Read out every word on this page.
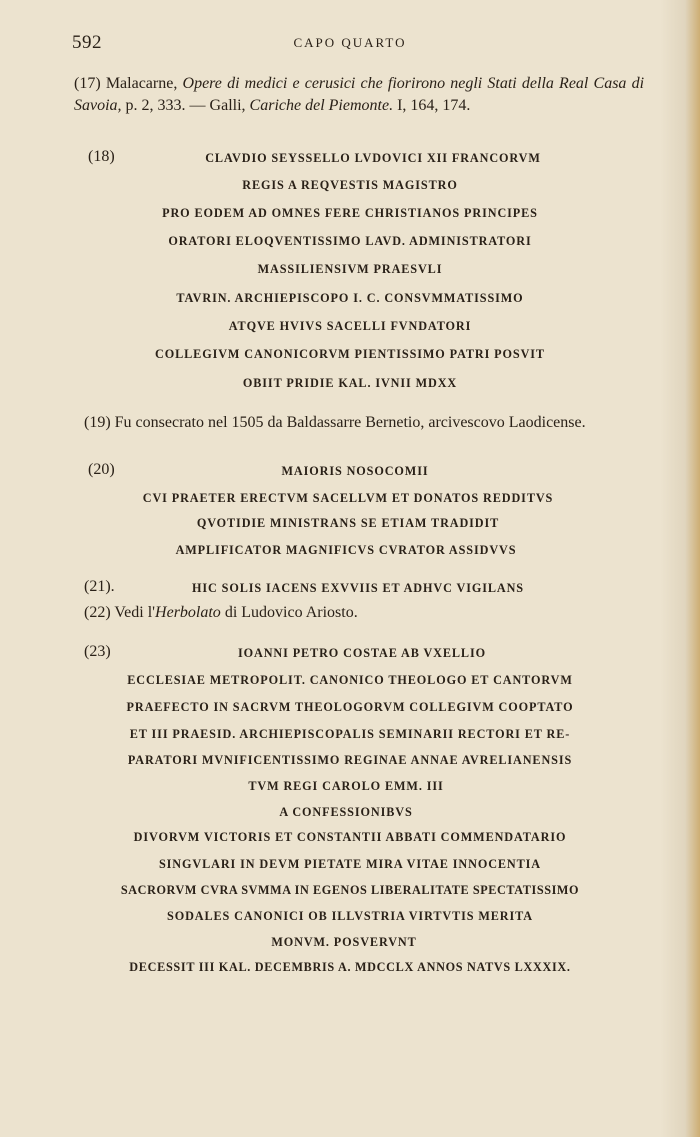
592	CAPO QUARTO
(17) Malacarne, Opere di medici e cerusici che fiorirono negli Stati della Real Casa di Savoia, p. 2, 333. — Galli, Cariche del Piemonte. I, 164, 174.
(18)	CLAVDIO SEYSSELLO LVDOVICI XII FRANCORVM
REGIS A REQVESTIS MAGISTRO
PRO EODEM AD OMNES FERE CHRISTIANOS PRINCIPES
ORATORI ELOQVENTISSIMO LAVD. ADMINISTRATORI
MASSILIENSIVM PRAESVLI
TAVRIN. ARCHIEPISCOPO I. C. CONSVMMATISSIMO
ATQVE HVIVS SACELLI FVNDATORI
COLLEGIVM CANONICORVM PIENTISSIMO PATRI POSVIT
OBIIT PRIDIE KAL. IVNII MDXX
(19) Fu consecrato nel 1505 da Baldassarre Bernetio, arcivescovo Laodicense.
(20)	MAIORIS NOSOCOMII
CVI PRAETER ERECTVM SACELLVM ET DONATOS REDDITVS
QVOTIDIE MINISTRANS SE ETIAM TRADIDIT
AMPLIFICATOR MAGNIFICVS CVRATOR ASSIDVVS
(21).	HIC SOLIS IACENS EXVVIIS ET ADHVC VIGILANS
(22) Vedi l'Herbolato di Ludovico Ariosto.
(23)	IOANNI PETRO COSTAE AB VXELLIO
ECCLESIAE METROPOLIT. CANONICO THEOLOGO ET CANTORVM
PRAEFECTO IN SACRVM THEOLOGORVM COLLEGIVM COOPTATO
ET III PRAESID. ARCHIEPISCOPALIS SEMINARII RECTORI ET RE-
PARATORI MVNIFICENTISSIMO REGINAE ANNAE AVRELIANENSIS
TVM REGI CAROLO EMM. III
A CONFESSIONIBVS
DIVORVM VICTORIS ET CONSTANTII ABBATI COMMENDATARIO
SINGVLARI IN DEVM PIETATE MIRA VITAE INNOCENTIA
SACRORVM CVRA SVMMA IN EGENOS LIBERALITATE SPECTATISSIMO
SODALES CANONICI OB ILLVSTRIA VIRTVTIS MERITA
MONVM. POSVERVNT
DECESSIT III KAL. DECEMBRIS A. MDCCLX ANNOS NATVS LXXXIX.
